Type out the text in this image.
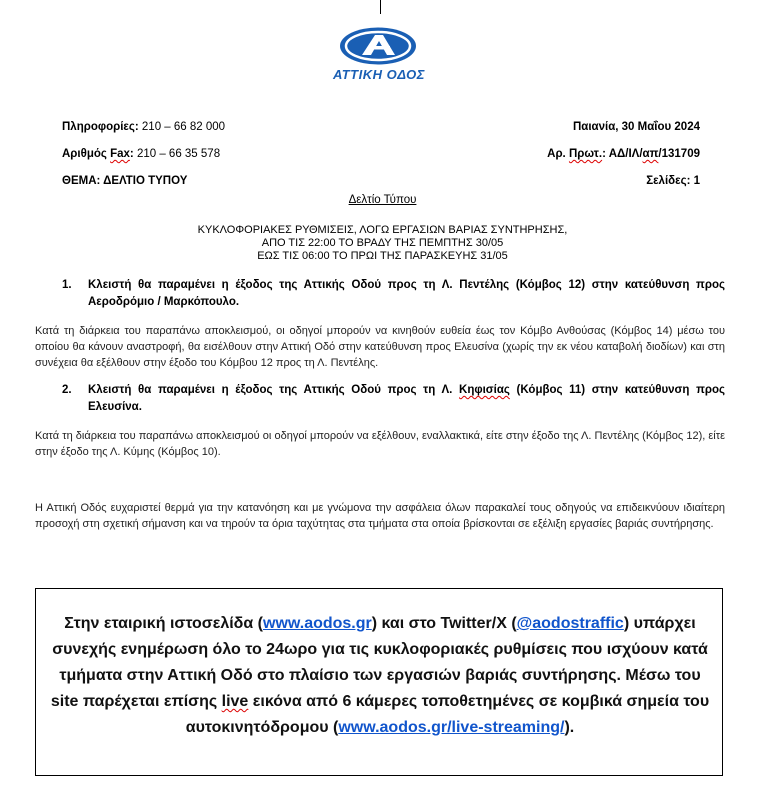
ΑΤΤΙΚΗ ΟΔΟΣ
Πληροφορίες: 210 – 66 82 000
Αριθμός Fax: 210 – 66 35 578
ΘΕΜΑ: ΔΕΛΤΙΟ ΤΥΠΟΥ
Παιανία, 30 Μαΐου 2024
Αρ. Πρωτ.: ΑΔ/ΙΛ/απ/131709
Σελίδες: 1
Δελτίο Τύπου
ΚΥΚΛΟΦΟΡΙΑΚΕΣ ΡΥΘΜΙΣΕΙΣ, ΛΟΓΩ ΕΡΓΑΣΙΩΝ ΒΑΡΙΑΣ ΣΥΝΤΗΡΗΣΗΣ,
ΑΠΟ ΤΙΣ 22:00 ΤΟ ΒΡΑΔΥ ΤΗΣ ΠΕΜΠΤΗΣ 30/05
ΕΩΣ ΤΙΣ 06:00 ΤΟ ΠΡΩΙ ΤΗΣ ΠΑΡΑΣΚΕΥΗΣ 31/05
1. Κλειστή θα παραμένει η έξοδος της Αττικής Οδού προς τη Λ. Πεντέλης (Κόμβος 12) στην κατεύθυνση προς Αεροδρόμιο / Μαρκόπουλο.
Κατά τη διάρκεια του παραπάνω αποκλεισμού, οι οδηγοί μπορούν να κινηθούν ευθεία έως τον Κόμβο Ανθούσας (Κόμβος 14) μέσω του οποίου θα κάνουν αναστροφή, θα εισέλθουν στην Αττική Οδό στην κατεύθυνση προς Ελευσίνα (χωρίς την εκ νέου καταβολή διοδίων) και στη συνέχεια θα εξέλθουν στην έξοδο του Κόμβου 12 προς τη Λ. Πεντέλης.
2. Κλειστή θα παραμένει η έξοδος της Αττικής Οδού προς τη Λ. Κηφισίας (Κόμβος 11) στην κατεύθυνση προς Ελευσίνα.
Κατά τη διάρκεια του παραπάνω αποκλεισμού οι οδηγοί μπορούν να εξέλθουν, εναλλακτικά, είτε στην έξοδο της Λ. Πεντέλης (Κόμβος 12), είτε στην έξοδο της Λ. Κύμης (Κόμβος 10).
Η Αττική Οδός ευχαριστεί θερμά για την κατανόηση και με γνώμονα την ασφάλεια όλων παρακαλεί τους οδηγούς να επιδεικνύουν ιδιαίτερη προσοχή στη σχετική σήμανση και να τηρούν τα όρια ταχύτητας στα τμήματα στα οποία βρίσκονται σε εξέλιξη εργασίες βαριάς συντήρησης.
Στην εταιρική ιστοσελίδα (www.aodos.gr) και στο Twitter/X (@aodostraffic) υπάρχει συνεχής ενημέρωση όλο το 24ωρο για τις κυκλοφοριακές ρυθμίσεις που ισχύουν κατά τμήματα στην Αττική Οδό στο πλαίσιο των εργασιών βαριάς συντήρησης. Μέσω του site παρέχεται επίσης live εικόνα από 6 κάμερες τοποθετημένες σε κομβικά σημεία του αυτοκινητόδρομου (www.aodos.gr/live-streaming/).
